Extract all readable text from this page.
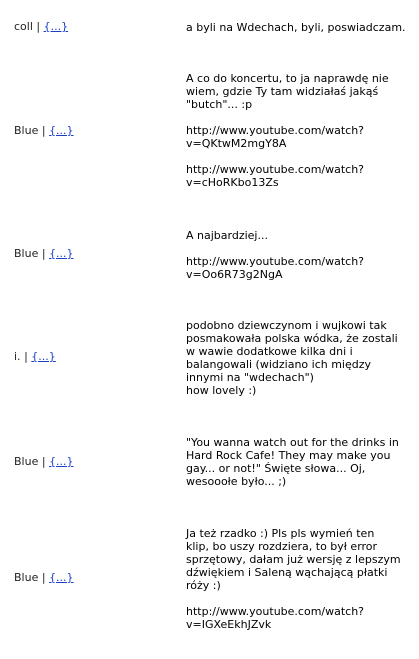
coll | {...}	a byli na Wdechach, byli, poswiadczam.

Blue | {...}

A co do koncertu, to ja naprawdę nie
wiem, gdzie Ty tam widziałaś jakąś
"butch"... :p

http://www.youtube.com/watch?
v=QKtwM2mgY8A

http://www.youtube.com/watch?
v=cHoRKbo13Zs

Blue | {...}

A najbardziej...

http://www.youtube.com/watch?
v=Oo6R73g2NgA

i. | {...}

podobno dziewczynom i wujkowi tak
posmakowała polska wódka, że zostali
w wawie dodatkowe kilka dni i
balangowali (widziano ich między
innymi na "wdechach")
how lovely :)

Blue | {...}

"You wanna watch out for the drinks in
Hard Rock Cafe! They may make you
gay... or not!" Święte słowa... Oj,
wesooołe było... ;)

Blue | {...}

Ja też rzadko :) Pls pls wymień ten
klip, bo uszy rozdziera, to był error
sprzętowy, dałam już wersję z lepszym
dźwiękiem i Saleną wąchającą płatki
róży :)

http://www.youtube.com/watch?
v=IGXeEkhJZvk
